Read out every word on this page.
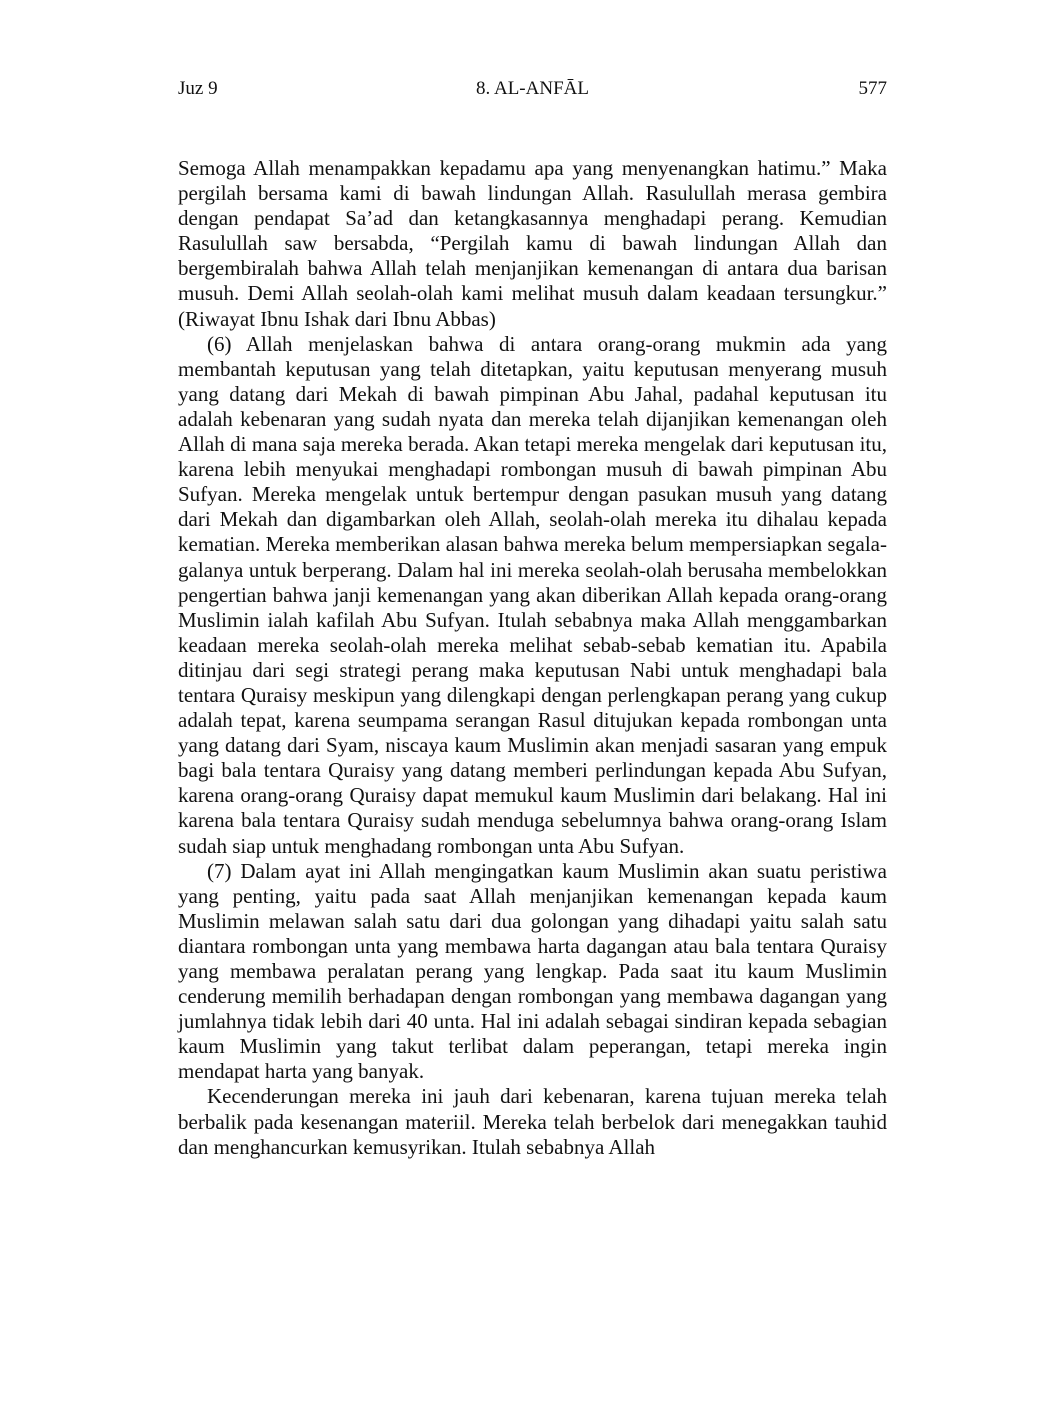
Juz 9	8. AL-ANFĀL	577

Semoga Allah menampakkan kepadamu apa yang menyenangkan hatimu.” Maka pergilah bersama kami di bawah lindungan Allah. Rasulullah merasa gembira dengan pendapat Sa’ad dan ketangkasannya menghadapi perang. Kemudian Rasulullah saw bersabda, “Pergilah kamu di bawah lindungan Allah dan bergembiralah bahwa Allah telah menjanjikan kemenangan di antara dua barisan musuh. Demi Allah seolah-olah kami melihat musuh dalam keadaan tersungkur.” (Riwayat Ibnu Ishak dari Ibnu Abbas)

(6) Allah menjelaskan bahwa di antara orang-orang mukmin ada yang membantah keputusan yang telah ditetapkan, yaitu keputusan menyerang musuh yang datang dari Mekah di bawah pimpinan Abu Jahal, padahal keputusan itu adalah kebenaran yang sudah nyata dan mereka telah dijanjikan kemenangan oleh Allah di mana saja mereka berada. Akan tetapi mereka mengelak dari keputusan itu, karena lebih menyukai menghadapi rombongan musuh di bawah pimpinan Abu Sufyan. Mereka mengelak untuk bertempur dengan pasukan musuh yang datang dari Mekah dan digambarkan oleh Allah, seolah-olah mereka itu dihalau kepada kematian. Mereka memberikan alasan bahwa mereka belum mempersiapkan segala-galanya untuk berperang. Dalam hal ini mereka seolah-olah berusaha membelokkan pengertian bahwa janji kemenangan yang akan diberikan Allah kepada orang-orang Muslimin ialah kafilah Abu Sufyan. Itulah sebabnya maka Allah menggambarkan keadaan mereka seolah-olah mereka melihat sebab-sebab kematian itu. Apabila ditinjau dari segi strategi perang maka keputusan Nabi untuk menghadapi bala tentara Quraisy meskipun yang dilengkapi dengan perlengkapan perang yang cukup adalah tepat, karena seumpama serangan Rasul ditujukan kepada rombongan unta yang datang dari Syam, niscaya kaum Muslimin akan menjadi sasaran yang empuk bagi bala tentara Quraisy yang datang memberi perlindungan kepada Abu Sufyan, karena orang-orang Quraisy dapat memukul kaum Muslimin dari belakang. Hal ini karena bala tentara Quraisy sudah menduga sebelumnya bahwa orang-orang Islam sudah siap untuk menghadang rombongan unta Abu Sufyan.

(7) Dalam ayat ini Allah mengingatkan kaum Muslimin akan suatu peristiwa yang penting, yaitu pada saat Allah menjanjikan kemenangan kepada kaum Muslimin melawan salah satu dari dua golongan yang dihadapi yaitu salah satu diantara rombongan unta yang membawa harta dagangan atau bala tentara Quraisy yang membawa peralatan perang yang lengkap. Pada saat itu kaum Muslimin cenderung memilih berhadapan dengan rombongan yang membawa dagangan yang jumlahnya tidak lebih dari 40 unta. Hal ini adalah sebagai sindiran kepada sebagian kaum Muslimin yang takut terlibat dalam peperangan, tetapi mereka ingin mendapat harta yang banyak.

Kecenderungan mereka ini jauh dari kebenaran, karena tujuan mereka telah berbalik pada kesenangan materiil. Mereka telah berbelok dari menegakkan tauhid dan menghancurkan kemusyrikan. Itulah sebabnya Allah
